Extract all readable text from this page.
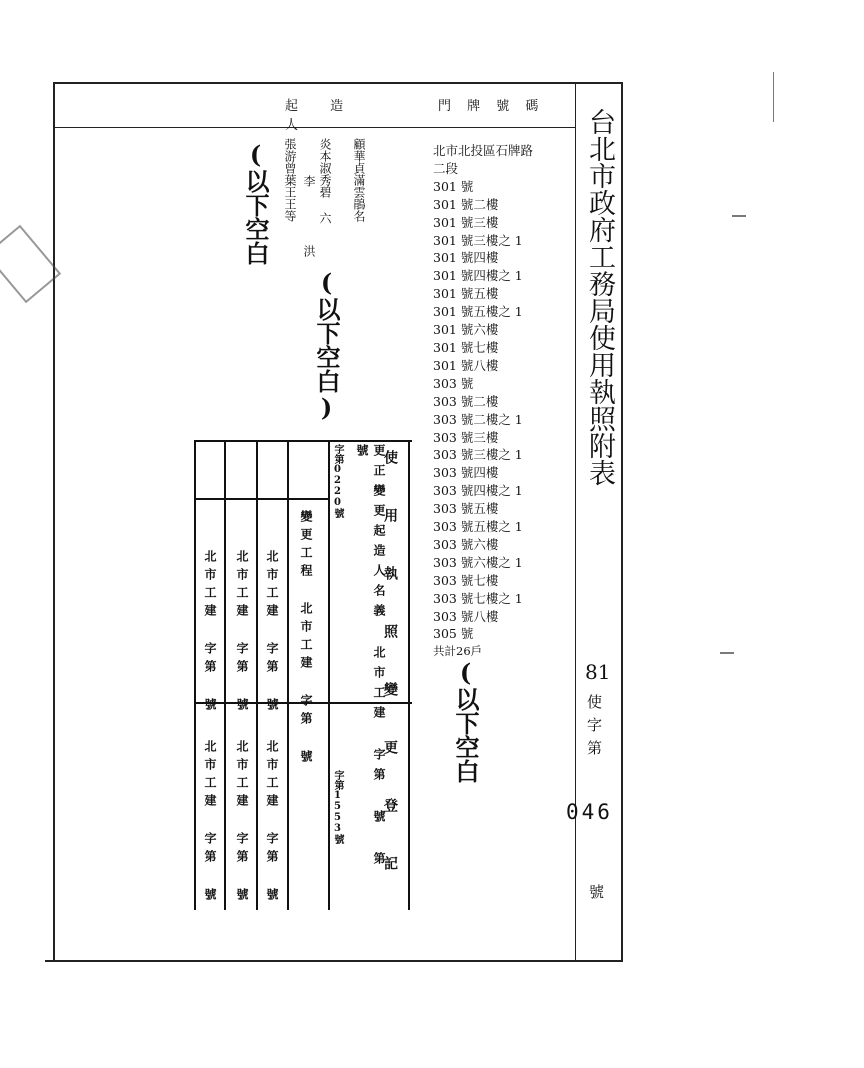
起 造 人
門 牌 號 碼
顧華貞滿雲鵑名
炎本淑秀碧 六
李 洪
張游曾葉王王等
(以下空白
(以下空白)
(以下空白
北市北投區石牌路
二段
301 號
301 號二樓
301 號三樓
301 號三樓之 1
301 號四樓
301 號四樓之 1
301 號五樓
301 號五樓之 1
301 號六樓
301 號七樓
301 號八樓
303 號
303 號二樓
303 號二樓之 1
303 號三樓
303 號三樓之 1
303 號四樓
303 號四樓之 1
303 號五樓
303 號五樓之 1
303 號六樓
303 號六樓之 1
303 號七樓
303 號七樓之 1
303 號八樓
305 號
共計26戶
使 用 執 照 變 更 登 記
更正變更起造人名義 北市工建 字第 號 第 號
字第0220號
字第1553號
變更工程 北市工建 字第 號
北市工建 字第 號
北市工建 字第 號
北市工建 字第 號
北市工建 字第 號
北市工建 字第 號
北市工建 字第 號
台北市政府工務局使用執照附表
81
使字第
046
號
